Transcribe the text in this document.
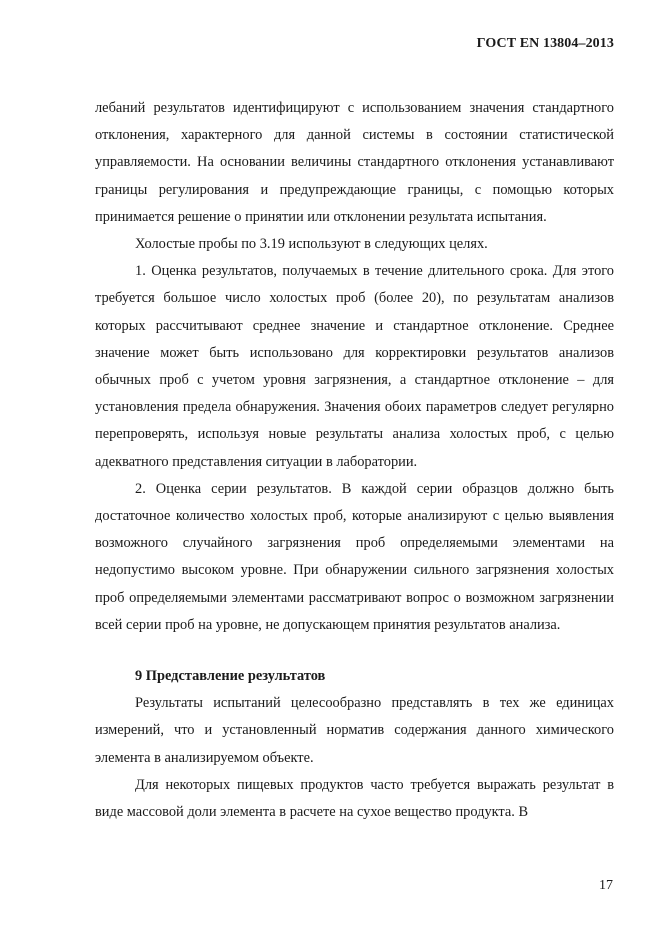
ГОСТ EN 13804–2013

лебаний результатов идентифицируют с использованием значения стандартного отклонения, характерного для данной системы в состоянии статистической управляемости. На основании величины стандартного отклонения устанавливают границы регулирования и предупреждающие границы, с помощью которых принимается решение о принятии или отклонении результата испытания.

Холостые пробы по 3.19 используют в следующих целях.

1. Оценка результатов, получаемых в течение длительного срока. Для этого требуется большое число холостых проб (более 20), по результатам анализов которых рассчитывают среднее значение и стандартное отклонение. Среднее значение может быть использовано для корректировки результатов анализов обычных проб с учетом уровня загрязнения, а стандартное отклонение – для установления предела обнаружения. Значения обоих параметров следует регулярно перепроверять, используя новые результаты анализа холостых проб, с целью адекватного представления ситуации в лаборатории.

2. Оценка серии результатов. В каждой серии образцов должно быть достаточное количество холостых проб, которые анализируют с целью выявления возможного случайного загрязнения проб определяемыми элементами на недопустимо высоком уровне. При обнаружении сильного загрязнения холостых проб определяемыми элементами рассматривают вопрос о возможном загрязнении всей серии проб на уровне, не допускающем принятия результатов анализа.

9 Представление результатов

Результаты испытаний целесообразно представлять в тех же единицах измерений, что и установленный норматив содержания данного химического элемента в анализируемом объекте.

Для некоторых пищевых продуктов часто требуется выражать результат в виде массовой доли элемента в расчете на сухое вещество продукта. В

17
